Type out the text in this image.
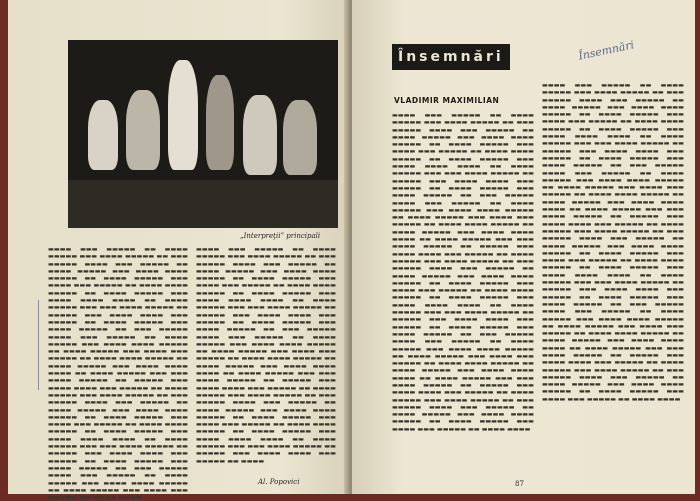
„Interpreţii” principali
▬▬▬▬ ▬▬▬ ▬▬▬▬▬ ▬▬ ▬▬▬▬ ▬▬▬▬▬ ▬▬▬ ▬▬▬▬ ▬▬▬▬▬ ▬▬ ▬▬▬ ▬▬▬▬▬ ▬▬▬▬ ▬▬▬ ▬▬▬▬▬ ▬▬ ▬▬▬▬ ▬▬▬▬▬ ▬▬▬ ▬▬▬▬ ▬▬▬▬ ▬▬▬▬▬ ▬▬ ▬▬▬▬ ▬▬▬▬▬ ▬▬▬ ▬▬▬▬ ▬▬▬ ▬▬▬▬▬ ▬▬ ▬▬▬▬ ▬▬▬▬ ▬▬▬▬▬ ▬▬ ▬▬▬▬ ▬▬▬▬▬ ▬▬▬ ▬▬▬▬ ▬▬▬▬ ▬▬▬▬ ▬▬ ▬▬▬▬ ▬▬▬▬▬ ▬▬▬ ▬▬▬ ▬▬▬▬ ▬▬▬▬▬ ▬▬ ▬▬▬▬▬ ▬▬▬ ▬▬▬▬ ▬▬▬▬ ▬▬▬ ▬▬▬▬▬ ▬▬ ▬▬▬▬ ▬▬▬▬▬ ▬▬▬ ▬▬▬▬ ▬▬▬▬▬ ▬▬ ▬▬▬ ▬▬▬▬▬ ▬▬▬▬ ▬▬▬ ▬▬▬▬▬ ▬▬ ▬▬▬▬ ▬▬▬▬▬ ▬▬▬ ▬▬▬▬ ▬▬▬▬ ▬▬▬▬▬ ▬▬ ▬▬▬▬ ▬▬▬▬▬ ▬▬▬ ▬▬▬▬ ▬▬▬ ▬▬▬▬▬ ▬▬ ▬▬▬▬ ▬▬▬▬ ▬▬▬▬▬ ▬▬ ▬▬▬▬ ▬▬▬▬▬ ▬▬▬ ▬▬▬▬ ▬▬▬▬ ▬▬▬▬ ▬▬ ▬▬▬▬ ▬▬▬▬▬ ▬▬▬ ▬▬▬ ▬▬▬▬ ▬▬▬▬▬ ▬▬ ▬▬▬▬▬ ▬▬▬ ▬▬▬▬ ▬▬▬▬ ▬▬▬ ▬▬▬▬▬ ▬▬ ▬▬▬▬ ▬▬▬▬▬ ▬▬▬ ▬▬▬▬ ▬▬▬▬▬ ▬▬ ▬▬▬ ▬▬▬▬▬ ▬▬▬▬ ▬▬▬ ▬▬▬▬▬ ▬▬ ▬▬▬▬ ▬▬▬▬▬ ▬▬▬ ▬▬▬▬ ▬▬▬▬ ▬▬▬▬▬ ▬▬ ▬▬▬▬ ▬▬▬▬▬ ▬▬▬ ▬▬▬▬ ▬▬▬ ▬▬▬▬▬ ▬▬ ▬▬▬▬ ▬▬▬▬ ▬▬▬▬▬ ▬▬ ▬▬▬▬ ▬▬▬▬▬ ▬▬▬ ▬▬▬▬ ▬▬▬▬ ▬▬▬▬ ▬▬ ▬▬▬▬ ▬▬▬▬▬ ▬▬▬ ▬▬▬ ▬▬▬▬ ▬▬▬▬▬ ▬▬ ▬▬▬▬▬ ▬▬▬ ▬▬▬▬ ▬▬▬▬ ▬▬▬ ▬▬▬▬▬ ▬▬ ▬▬▬▬ ▬▬▬▬▬ ▬▬▬ ▬▬▬▬ ▬▬▬▬▬ ▬▬ ▬▬▬ ▬▬▬▬▬ ▬▬▬▬ ▬▬▬ ▬▬▬▬▬ ▬▬ ▬▬▬▬ ▬▬▬▬▬ ▬▬▬ ▬▬▬▬ ▬▬▬▬ ▬▬▬▬▬ ▬▬ ▬▬▬▬ ▬▬▬▬▬ ▬▬▬ ▬▬▬▬ ▬▬▬ ▬▬▬▬▬ ▬▬ ▬▬▬▬ ▬▬▬▬
▬▬▬▬ ▬▬▬ ▬▬▬▬▬ ▬▬ ▬▬▬▬ ▬▬▬▬▬ ▬▬▬ ▬▬▬▬ ▬▬▬▬▬ ▬▬ ▬▬▬ ▬▬▬▬▬ ▬▬▬▬ ▬▬▬ ▬▬▬▬▬ ▬▬ ▬▬▬▬ ▬▬▬▬▬ ▬▬▬ ▬▬▬▬ ▬▬▬▬ ▬▬▬▬▬ ▬▬ ▬▬▬▬ ▬▬▬▬▬ ▬▬▬ ▬▬▬▬ ▬▬▬ ▬▬▬▬▬ ▬▬ ▬▬▬▬ ▬▬▬▬ ▬▬▬▬▬ ▬▬ ▬▬▬▬ ▬▬▬▬▬ ▬▬▬ ▬▬▬▬ ▬▬▬▬ ▬▬▬▬ ▬▬ ▬▬▬▬ ▬▬▬▬▬ ▬▬▬ ▬▬▬ ▬▬▬▬ ▬▬▬▬▬ ▬▬ ▬▬▬▬▬ ▬▬▬ ▬▬▬▬ ▬▬▬▬ ▬▬▬ ▬▬▬▬▬ ▬▬ ▬▬▬▬ ▬▬▬▬▬ ▬▬▬ ▬▬▬▬ ▬▬▬▬▬ ▬▬ ▬▬▬ ▬▬▬▬▬ ▬▬▬▬ ▬▬▬ ▬▬▬▬▬ ▬▬ ▬▬▬▬ ▬▬▬▬▬ ▬▬▬ ▬▬▬▬ ▬▬▬▬ ▬▬▬▬▬ ▬▬ ▬▬▬▬ ▬▬▬▬▬ ▬▬▬ ▬▬▬▬ ▬▬▬ ▬▬▬▬▬ ▬▬ ▬▬▬▬ ▬▬▬▬ ▬▬▬▬▬ ▬▬ ▬▬▬▬ ▬▬▬▬▬ ▬▬▬ ▬▬▬▬ ▬▬▬▬ ▬▬▬▬ ▬▬ ▬▬▬▬ ▬▬▬▬▬ ▬▬▬ ▬▬▬ ▬▬▬▬ ▬▬▬▬▬ ▬▬ ▬▬▬▬▬ ▬▬▬ ▬▬▬▬ ▬▬▬▬ ▬▬▬ ▬▬▬▬▬ ▬▬ ▬▬▬▬ ▬▬▬▬▬ ▬▬▬ ▬▬▬▬ ▬▬▬▬▬ ▬▬ ▬▬▬ ▬▬▬▬▬ ▬▬▬▬ ▬▬▬ ▬▬▬▬▬ ▬▬ ▬▬▬▬ ▬▬▬▬▬ ▬▬▬ ▬▬▬▬ ▬▬▬▬ ▬▬▬▬▬ ▬▬ ▬▬▬▬ ▬▬▬▬▬ ▬▬▬ ▬▬▬▬ ▬▬▬ ▬▬▬▬▬ ▬▬ ▬▬▬▬ ▬▬▬▬ ▬▬▬▬▬ ▬▬ ▬▬▬▬ ▬▬▬▬▬ ▬▬▬ ▬▬▬▬ ▬▬▬▬ ▬▬▬▬ ▬▬ ▬▬▬▬ ▬▬▬▬▬ ▬▬▬ ▬▬▬ ▬▬▬▬ ▬▬▬▬▬ ▬▬ ▬▬▬▬▬ ▬▬▬ ▬▬▬▬ ▬▬▬▬ ▬▬▬ ▬▬▬▬▬ ▬▬ ▬▬▬▬
Al. Popovici
Însemnări	Însemnări
VLADIMIR MAXIMILIAN
▬▬▬▬ ▬▬▬ ▬▬▬▬▬ ▬▬ ▬▬▬▬ ▬▬▬▬▬ ▬▬▬ ▬▬▬▬ ▬▬▬▬▬ ▬▬ ▬▬▬ ▬▬▬▬▬ ▬▬▬▬ ▬▬▬ ▬▬▬▬▬ ▬▬ ▬▬▬▬ ▬▬▬▬▬ ▬▬▬ ▬▬▬▬ ▬▬▬▬ ▬▬▬▬▬ ▬▬ ▬▬▬▬ ▬▬▬▬▬ ▬▬▬ ▬▬▬▬ ▬▬▬ ▬▬▬▬▬ ▬▬ ▬▬▬▬ ▬▬▬▬ ▬▬▬▬▬ ▬▬ ▬▬▬▬ ▬▬▬▬▬ ▬▬▬ ▬▬▬▬ ▬▬▬▬ ▬▬▬▬ ▬▬ ▬▬▬▬ ▬▬▬▬▬ ▬▬▬ ▬▬▬ ▬▬▬▬ ▬▬▬▬▬ ▬▬ ▬▬▬▬▬ ▬▬▬ ▬▬▬▬ ▬▬▬▬ ▬▬▬ ▬▬▬▬▬ ▬▬ ▬▬▬▬ ▬▬▬▬▬ ▬▬▬ ▬▬▬▬ ▬▬▬▬▬ ▬▬ ▬▬▬ ▬▬▬▬▬ ▬▬▬▬ ▬▬▬ ▬▬▬▬▬ ▬▬ ▬▬▬▬ ▬▬▬▬▬ ▬▬▬ ▬▬▬▬ ▬▬▬▬ ▬▬▬▬▬ ▬▬ ▬▬▬▬ ▬▬▬▬▬ ▬▬▬ ▬▬▬▬ ▬▬▬ ▬▬▬▬▬ ▬▬ ▬▬▬▬ ▬▬▬▬ ▬▬▬▬▬ ▬▬ ▬▬▬▬ ▬▬▬▬▬ ▬▬▬ ▬▬▬▬ ▬▬▬▬ ▬▬▬▬ ▬▬ ▬▬▬▬ ▬▬▬▬▬ ▬▬▬ ▬▬▬ ▬▬▬▬ ▬▬▬▬▬ ▬▬ ▬▬▬▬▬ ▬▬▬ ▬▬▬▬ ▬▬▬▬ ▬▬▬ ▬▬▬▬▬ ▬▬ ▬▬▬▬ ▬▬▬▬▬ ▬▬▬ ▬▬▬▬ ▬▬▬▬▬ ▬▬ ▬▬▬ ▬▬▬▬▬ ▬▬▬▬ ▬▬▬ ▬▬▬▬▬ ▬▬ ▬▬▬▬ ▬▬▬▬▬ ▬▬▬ ▬▬▬▬ ▬▬▬▬ ▬▬▬▬▬ ▬▬ ▬▬▬▬ ▬▬▬▬▬ ▬▬▬ ▬▬▬▬ ▬▬▬ ▬▬▬▬▬ ▬▬ ▬▬▬▬ ▬▬▬▬ ▬▬▬▬▬ ▬▬ ▬▬▬▬ ▬▬▬▬▬ ▬▬▬ ▬▬▬▬ ▬▬▬▬ ▬▬▬▬ ▬▬ ▬▬▬▬ ▬▬▬▬▬ ▬▬▬ ▬▬▬ ▬▬▬▬ ▬▬▬▬▬ ▬▬ ▬▬▬▬▬ ▬▬▬ ▬▬▬▬ ▬▬▬▬ ▬▬▬ ▬▬▬▬▬ ▬▬ ▬▬▬▬ ▬▬▬▬▬ ▬▬▬ ▬▬▬▬ ▬▬▬▬▬ ▬▬ ▬▬▬ ▬▬▬▬▬ ▬▬▬▬ ▬▬▬ ▬▬▬▬▬ ▬▬ ▬▬▬▬ ▬▬▬▬▬ ▬▬▬ ▬▬▬▬ ▬▬▬▬ ▬▬▬▬▬ ▬▬ ▬▬▬▬ ▬▬▬▬▬ ▬▬▬ ▬▬▬▬ ▬▬▬ ▬▬▬▬▬ ▬▬ ▬▬▬▬ ▬▬▬▬ ▬▬▬▬▬ ▬▬ ▬▬▬▬ ▬▬▬▬▬ ▬▬▬ ▬▬▬▬ ▬▬▬▬ ▬▬▬▬ ▬▬ ▬▬▬▬ ▬▬▬▬▬ ▬▬▬ ▬▬▬ ▬▬▬▬ ▬▬▬▬▬ ▬▬ ▬▬▬▬▬ ▬▬▬ ▬▬▬▬ ▬▬▬▬ ▬▬▬ ▬▬▬▬▬ ▬▬ ▬▬▬▬ ▬▬▬▬▬ ▬▬▬ ▬▬▬▬ ▬▬▬▬▬ ▬▬ ▬▬▬ ▬▬▬▬▬ ▬▬▬▬ ▬▬▬ ▬▬▬▬▬ ▬▬ ▬▬▬▬ ▬▬▬▬▬ ▬▬▬ ▬▬▬▬ ▬▬▬▬ ▬▬▬▬▬ ▬▬ ▬▬▬▬ ▬▬▬▬▬ ▬▬▬ ▬▬▬▬ ▬▬▬ ▬▬▬▬▬ ▬▬ ▬▬▬▬ ▬▬▬▬
▬▬▬▬ ▬▬▬ ▬▬▬▬▬ ▬▬ ▬▬▬▬ ▬▬▬▬▬ ▬▬▬ ▬▬▬▬ ▬▬▬▬▬ ▬▬ ▬▬▬ ▬▬▬▬▬ ▬▬▬▬ ▬▬▬ ▬▬▬▬▬ ▬▬ ▬▬▬▬ ▬▬▬▬▬ ▬▬▬ ▬▬▬▬ ▬▬▬▬ ▬▬▬▬▬ ▬▬ ▬▬▬▬ ▬▬▬▬▬ ▬▬▬ ▬▬▬▬ ▬▬▬ ▬▬▬▬▬ ▬▬ ▬▬▬▬ ▬▬▬▬ ▬▬▬▬▬ ▬▬ ▬▬▬▬ ▬▬▬▬▬ ▬▬▬ ▬▬▬▬ ▬▬▬▬ ▬▬▬▬ ▬▬ ▬▬▬▬ ▬▬▬▬▬ ▬▬▬ ▬▬▬ ▬▬▬▬ ▬▬▬▬▬ ▬▬ ▬▬▬▬▬ ▬▬▬ ▬▬▬▬ ▬▬▬▬ ▬▬▬ ▬▬▬▬▬ ▬▬ ▬▬▬▬ ▬▬▬▬▬ ▬▬▬ ▬▬▬▬ ▬▬▬▬▬ ▬▬ ▬▬▬ ▬▬▬▬▬ ▬▬▬▬ ▬▬▬ ▬▬▬▬▬ ▬▬ ▬▬▬▬ ▬▬▬▬▬ ▬▬▬ ▬▬▬▬ ▬▬▬▬ ▬▬▬▬▬ ▬▬ ▬▬▬▬ ▬▬▬▬▬ ▬▬▬ ▬▬▬▬ ▬▬▬ ▬▬▬▬▬ ▬▬ ▬▬▬▬ ▬▬▬▬ ▬▬▬▬▬ ▬▬ ▬▬▬▬ ▬▬▬▬▬ ▬▬▬ ▬▬▬▬ ▬▬▬▬ ▬▬▬▬ ▬▬ ▬▬▬▬ ▬▬▬▬▬ ▬▬▬ ▬▬▬ ▬▬▬▬ ▬▬▬▬▬ ▬▬ ▬▬▬▬▬ ▬▬▬ ▬▬▬▬ ▬▬▬▬ ▬▬▬ ▬▬▬▬▬ ▬▬ ▬▬▬▬ ▬▬▬▬▬ ▬▬▬ ▬▬▬▬ ▬▬▬▬▬ ▬▬ ▬▬▬ ▬▬▬▬▬ ▬▬▬▬ ▬▬▬ ▬▬▬▬▬ ▬▬ ▬▬▬▬ ▬▬▬▬▬ ▬▬▬ ▬▬▬▬ ▬▬▬▬ ▬▬▬▬▬ ▬▬ ▬▬▬▬ ▬▬▬▬▬ ▬▬▬ ▬▬▬▬ ▬▬▬ ▬▬▬▬▬ ▬▬ ▬▬▬▬ ▬▬▬▬ ▬▬▬▬▬ ▬▬ ▬▬▬▬ ▬▬▬▬▬ ▬▬▬ ▬▬▬▬ ▬▬▬▬ ▬▬▬▬ ▬▬ ▬▬▬▬ ▬▬▬▬▬ ▬▬▬ ▬▬▬ ▬▬▬▬ ▬▬▬▬▬ ▬▬ ▬▬▬▬▬ ▬▬▬ ▬▬▬▬ ▬▬▬▬ ▬▬▬ ▬▬▬▬▬ ▬▬ ▬▬▬▬ ▬▬▬▬▬ ▬▬▬ ▬▬▬▬ ▬▬▬▬▬ ▬▬ ▬▬▬ ▬▬▬▬▬ ▬▬▬▬ ▬▬▬ ▬▬▬▬▬ ▬▬ ▬▬▬▬ ▬▬▬▬▬ ▬▬▬ ▬▬▬▬ ▬▬▬▬ ▬▬▬▬▬ ▬▬ ▬▬▬▬ ▬▬▬▬▬ ▬▬▬ ▬▬▬▬ ▬▬▬ ▬▬▬▬▬ ▬▬ ▬▬▬▬ ▬▬▬▬ ▬▬▬▬▬ ▬▬ ▬▬▬▬ ▬▬▬▬▬ ▬▬▬ ▬▬▬▬ ▬▬▬▬ ▬▬▬▬ ▬▬ ▬▬▬▬ ▬▬▬▬▬ ▬▬▬ ▬▬▬ ▬▬▬▬ ▬▬▬▬▬ ▬▬ ▬▬▬▬▬ ▬▬▬ ▬▬▬▬ ▬▬▬▬ ▬▬▬ ▬▬▬▬▬ ▬▬ ▬▬▬▬ ▬▬▬▬▬ ▬▬▬ ▬▬▬▬ ▬▬▬▬▬ ▬▬ ▬▬▬ ▬▬▬▬▬ ▬▬▬▬ ▬▬▬ ▬▬▬▬▬ ▬▬ ▬▬▬▬ ▬▬▬▬▬ ▬▬▬ ▬▬▬▬ ▬▬▬▬ ▬▬▬▬▬ ▬▬ ▬▬▬▬ ▬▬▬▬▬ ▬▬▬ ▬▬▬▬ ▬▬▬ ▬▬▬▬▬ ▬▬ ▬▬▬▬ ▬▬▬▬
87
